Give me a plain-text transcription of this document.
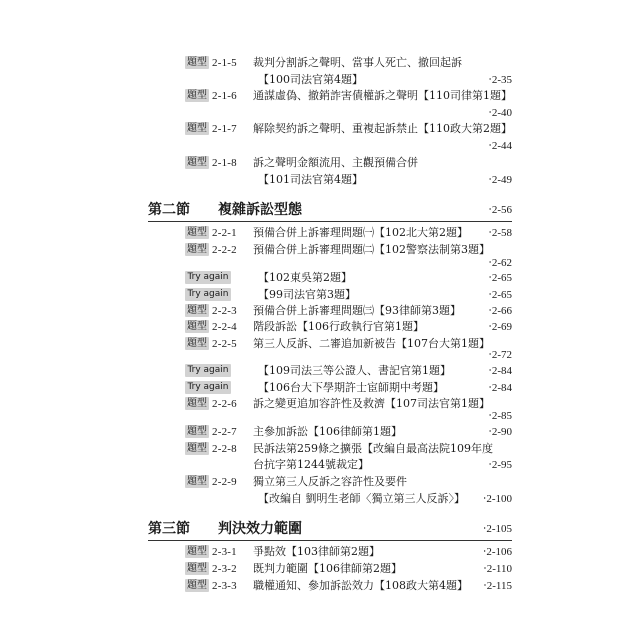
題型 2-1-5 裁判分割訴之聲明、當事人死亡、撤回起訴
【100司法官第4題】	‧2-35
題型 2-1-6 通謀虛偽、撤銷詐害債權訴之聲明【110司律第1題】
‧2-40
題型 2-1-7 解除契約訴之聲明、重複起訴禁止【110政大第2題】
‧2-44
題型 2-1-8 訴之聲明金額流用、主觀預備合併
【101司法官第4題】	‧2-49
第二節 複雜訴訟型態	‧2-56
題型 2-2-1 預備合併上訴審理問題㈠【102北大第2題】 ‧2-58
題型 2-2-2 預備合併上訴審理問題㈡【102警察法制第3題】
‧2-62
Try again	【102東吳第2題】	‧2-65
Try again	【99司法官第3題】	‧2-65
題型 2-2-3 預備合併上訴審理問題㈢【93律師第3題】 ‧2-66
題型 2-2-4 階段訴訟【106行政執行官第1題】	‧2-69
題型 2-2-5 第三人反訴、二審追加新被告【107台大第1題】
‧2-72
Try again	【109司法三等公證人、書記官第1題】	‧2-84
Try again	【106台大下學期許士宦師期中考題】	‧2-84
題型 2-2-6 訴之變更追加容許性及救濟【107司法官第1題】
‧2-85
題型 2-2-7 主參加訴訟【106律師第1題】	‧2-90
題型 2-2-8 民訴法第259條之擴張【改編自最高法院109年度
台抗字第1244號裁定】	‧2-95
題型 2-2-9 獨立第三人反訴之容許性及要件
【改編自 劉明生老師〈獨立第三人反訴〉】 ‧2-100
第三節 判決效力範圍	‧2-105
題型 2-3-1 爭點效【103律師第2題】	‧2-106
題型 2-3-2 既判力範圍【106律師第2題】	‧2-110
題型 2-3-3 職權通知、參加訴訟效力【108政大第4題】 ‧2-115
